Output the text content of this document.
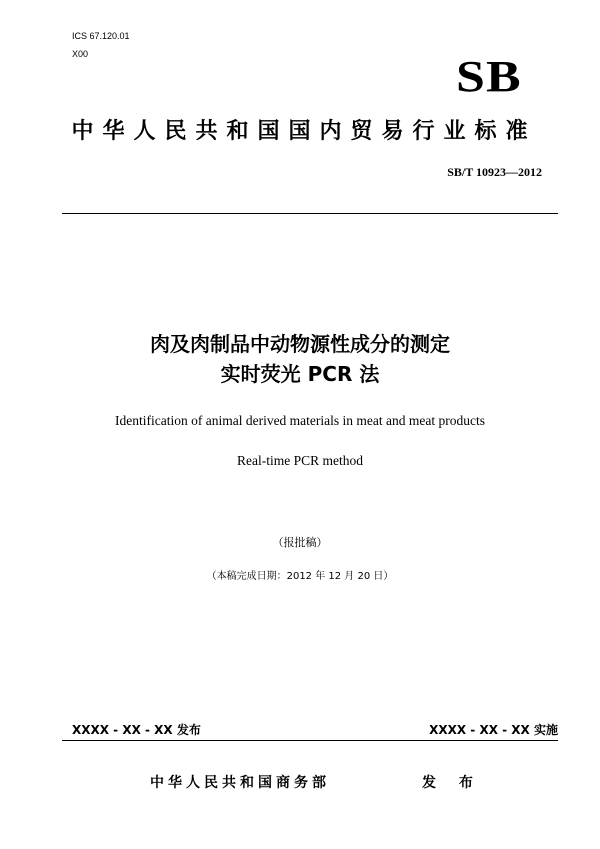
ICS 67.120.01
X00	SB
中华人民共和国国内贸易行业标准
SB/T 10923—2012
肉及肉制品中动物源性成分的测定
实时荧光 PCR 法
Identification of animal derived materials in meat and meat products
Real-time PCR method
（报批稿）
（本稿完成日期：2012 年 12 月 20 日）
XXXX - XX - XX 发布	XXXX - XX - XX 实施
中华人民共和国商务部	发 布
